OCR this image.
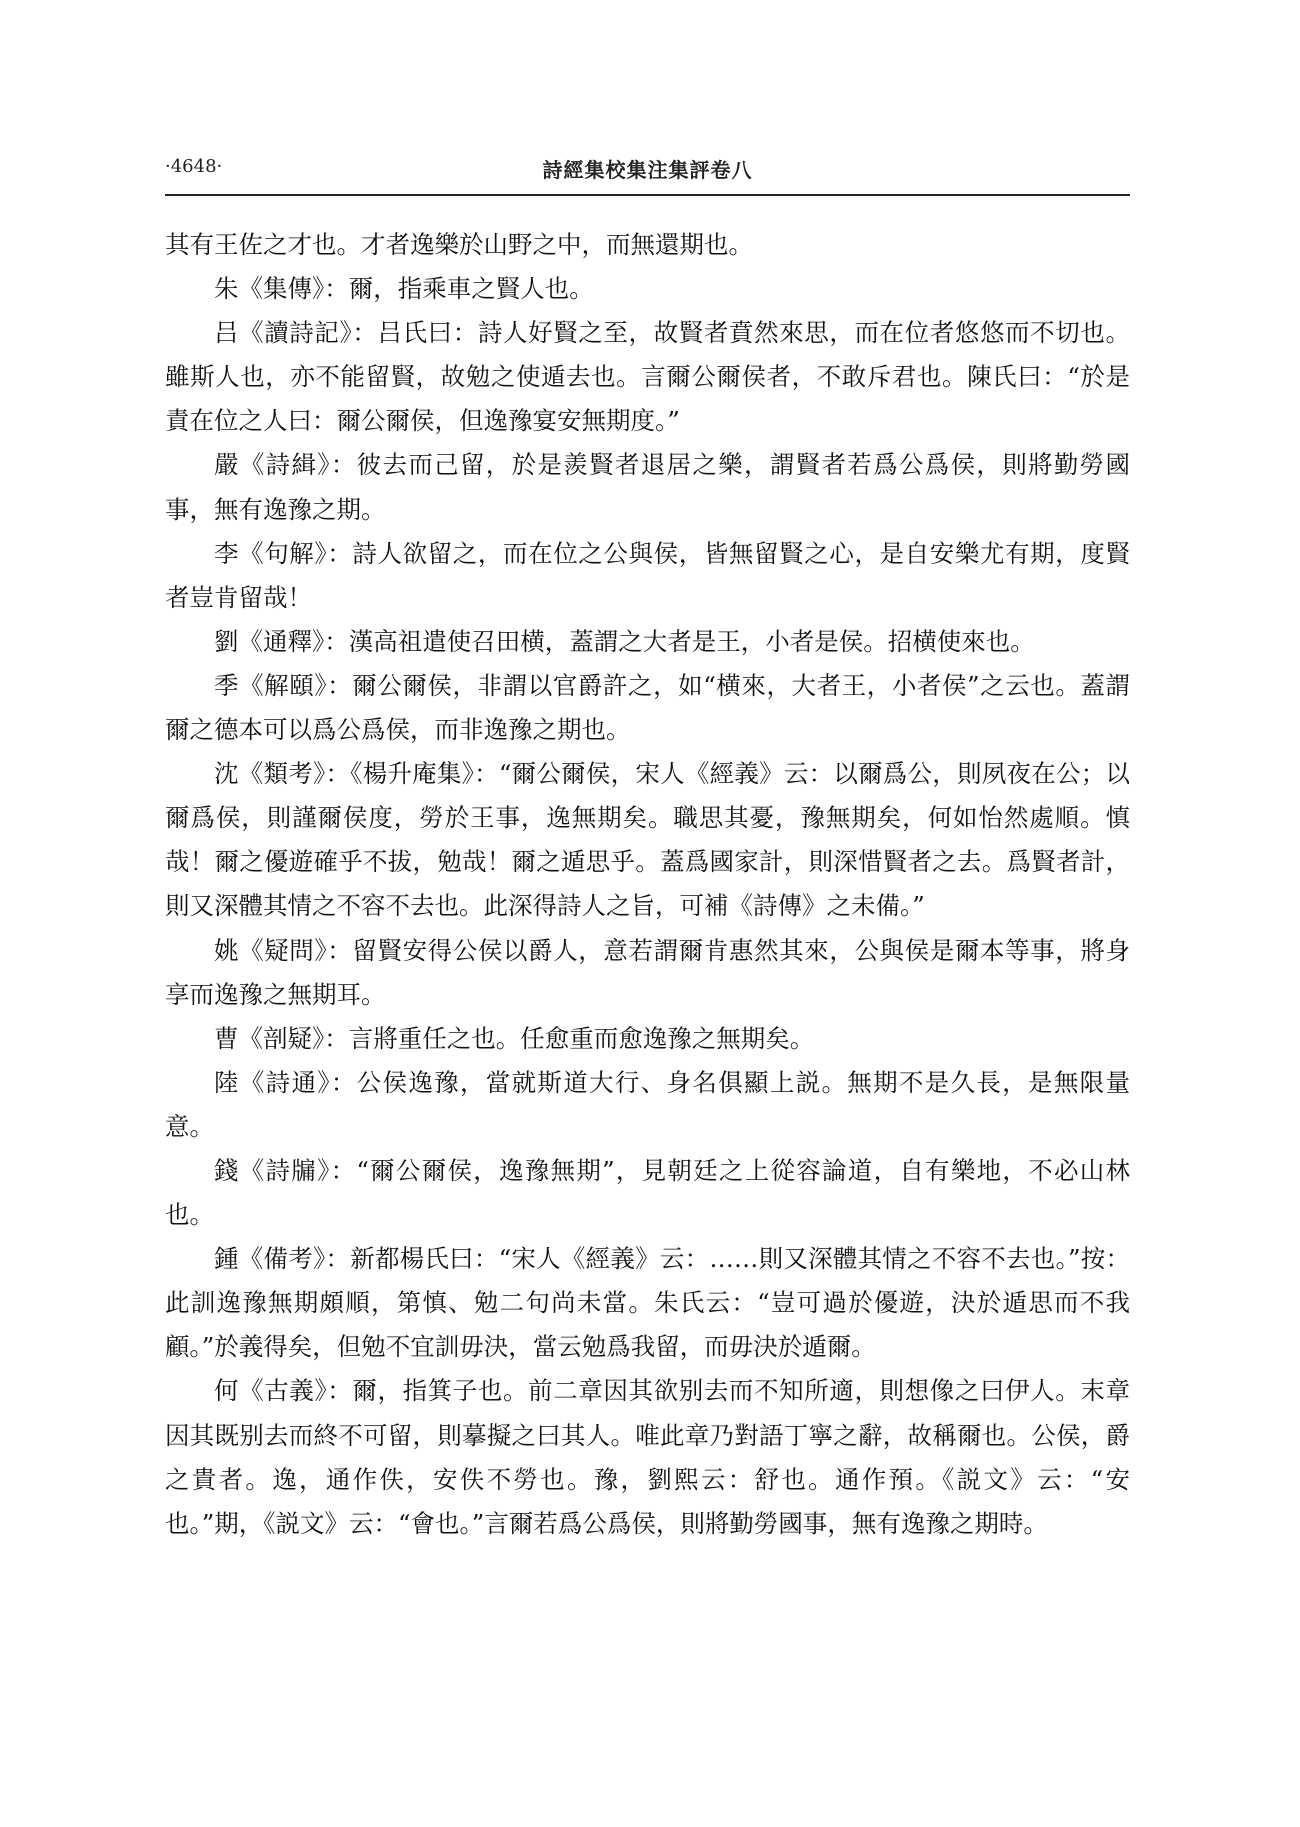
·4648·	詩經集校集注集評卷八

其有王佐之才也。才者逸樂於山野之中，而無還期也。

朱《集傳》：爾，指乘車之賢人也。

吕《讀詩記》：吕氏曰：詩人好賢之至，故賢者賁然來思，而在位者悠悠而不切也。雖斯人也，亦不能留賢，故勉之使遁去也。言爾公爾侯者，不敢斥君也。陳氏曰：“於是責在位之人曰：爾公爾侯，但逸豫宴安無期度。”

嚴《詩緝》：彼去而己留，於是羨賢者退居之樂，謂賢者若爲公爲侯，則將勤勞國事，無有逸豫之期。

李《句解》：詩人欲留之，而在位之公與侯，皆無留賢之心，是自安樂尤有期，度賢者豈肯留哉！

劉《通釋》：漢高祖遣使召田横，蓋謂之大者是王，小者是侯。招横使來也。

季《解頤》：爾公爾侯，非謂以官爵許之，如“横來，大者王，小者侯”之云也。蓋謂爾之德本可以爲公爲侯，而非逸豫之期也。

沈《類考》：《楊升庵集》：“爾公爾侯，宋人《經義》云：以爾爲公，則夙夜在公；以爾爲侯，則謹爾侯度，勞於王事，逸無期矣。職思其憂，豫無期矣，何如怡然處順。慎哉！爾之優遊確乎不拔，勉哉！爾之遁思乎。蓋爲國家計，則深惜賢者之去。爲賢者計，則又深體其情之不容不去也。此深得詩人之旨，可補《詩傳》之未備。”

姚《疑問》：留賢安得公侯以爵人，意若謂爾肯惠然其來，公與侯是爾本等事，將身享而逸豫之無期耳。

曹《剖疑》：言將重任之也。任愈重而愈逸豫之無期矣。

陸《詩通》：公侯逸豫，當就斯道大行、身名俱顯上説。無期不是久長，是無限量意。

錢《詩牖》：“爾公爾侯，逸豫無期”，見朝廷之上從容論道，自有樂地，不必山林也。

鍾《備考》：新都楊氏曰：“宋人《經義》云：……則又深體其情之不容不去也。”按：此訓逸豫無期頗順，第慎、勉二句尚未當。朱氏云：“豈可過於優遊，決於遁思而不我顧。”於義得矣，但勉不宜訓毋決，當云勉爲我留，而毋決於遁爾。

何《古義》：爾，指箕子也。前二章因其欲别去而不知所適，則想像之曰伊人。末章因其既别去而終不可留，則摹擬之曰其人。唯此章乃對語丁寧之辭，故稱爾也。公侯，爵之貴者。逸，通作佚，安佚不勞也。豫，劉熙云：舒也。通作預。《説文》云：“安也。”期，《説文》云：“會也。”言爾若爲公爲侯，則將勤勞國事，無有逸豫之期時。
